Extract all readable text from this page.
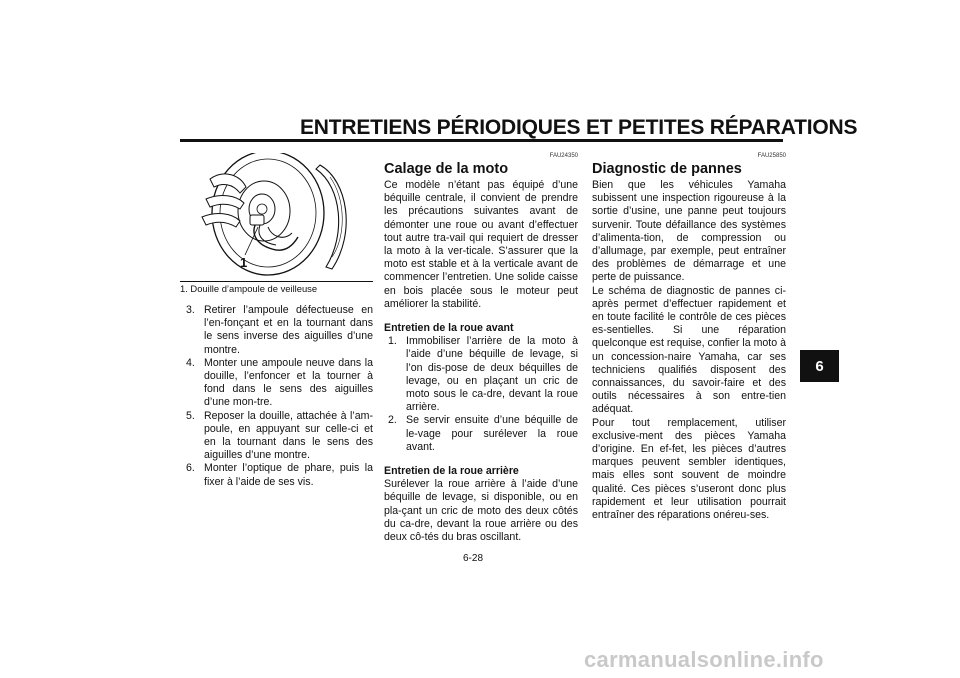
ENTRETIENS PÉRIODIQUES ET PETITES RÉPARATIONS
6
1
1. Douille d’ampoule de veilleuse
3. Retirer l’ampoule défectueuse en l’en-fonçant et en la tournant dans le sens inverse des aiguilles d’une montre.
4. Monter une ampoule neuve dans la douille, l’enfoncer et la tourner à fond dans le sens des aiguilles d’une mon-tre.
5. Reposer la douille, attachée à l’am-poule, en appuyant sur celle-ci et en la tournant dans le sens des aiguilles d’une montre.
6. Monter l’optique de phare, puis la fixer à l’aide de ses vis.
FAU24350
Calage de la moto

Ce modèle n’étant pas équipé d’une béquille centrale, il convient de prendre les précautions suivantes avant de démonter une roue ou avant d’effectuer tout autre tra-vail qui requiert de dresser la moto à la ver-ticale. S’assurer que la moto est stable et à la verticale avant de commencer l’entretien. Une solide caisse en bois placée sous le moteur peut améliorer la stabilité.

Entretien de la roue avant
1. Immobiliser l’arrière de la moto à l’aide d’une béquille de levage, si l’on dis-pose de deux béquilles de levage, ou en plaçant un cric de moto sous le ca-dre, devant la roue arrière.
2. Se servir ensuite d’une béquille de le-vage pour surélever la roue avant.
Entretien de la roue arrière

Surélever la roue arrière à l’aide d’une béquille de levage, si disponible, ou en pla-çant un cric de moto des deux côtés du ca-dre, devant la roue arrière ou des deux cô-tés du bras oscillant.

FAU25850
Diagnostic de pannes

Bien que les véhicules Yamaha subissent une inspection rigoureuse à la sortie d’usine, une panne peut toujours survenir. Toute défaillance des systèmes d’alimenta-tion, de compression ou d’allumage, par exemple, peut entraîner des problèmes de démarrage et une perte de puissance.

Le schéma de diagnostic de pannes ci-après permet d’effectuer rapidement et en toute facilité le contrôle de ces pièces es-sentielles. Si une réparation quelconque est requise, confier la moto à un concession-naire Yamaha, car ses techniciens qualifiés disposent des connaissances, du savoir-faire et des outils nécessaires à son entre-tien adéquat.

Pour tout remplacement, utiliser exclusive-ment des pièces Yamaha d’origine. En ef-fet, les pièces d’autres marques peuvent sembler identiques, mais elles sont souvent de moindre qualité. Ces pièces s’useront donc plus rapidement et leur utilisation pourrait entraîner des réparations onéreu-ses.

6-28
carmanualsonline.info
